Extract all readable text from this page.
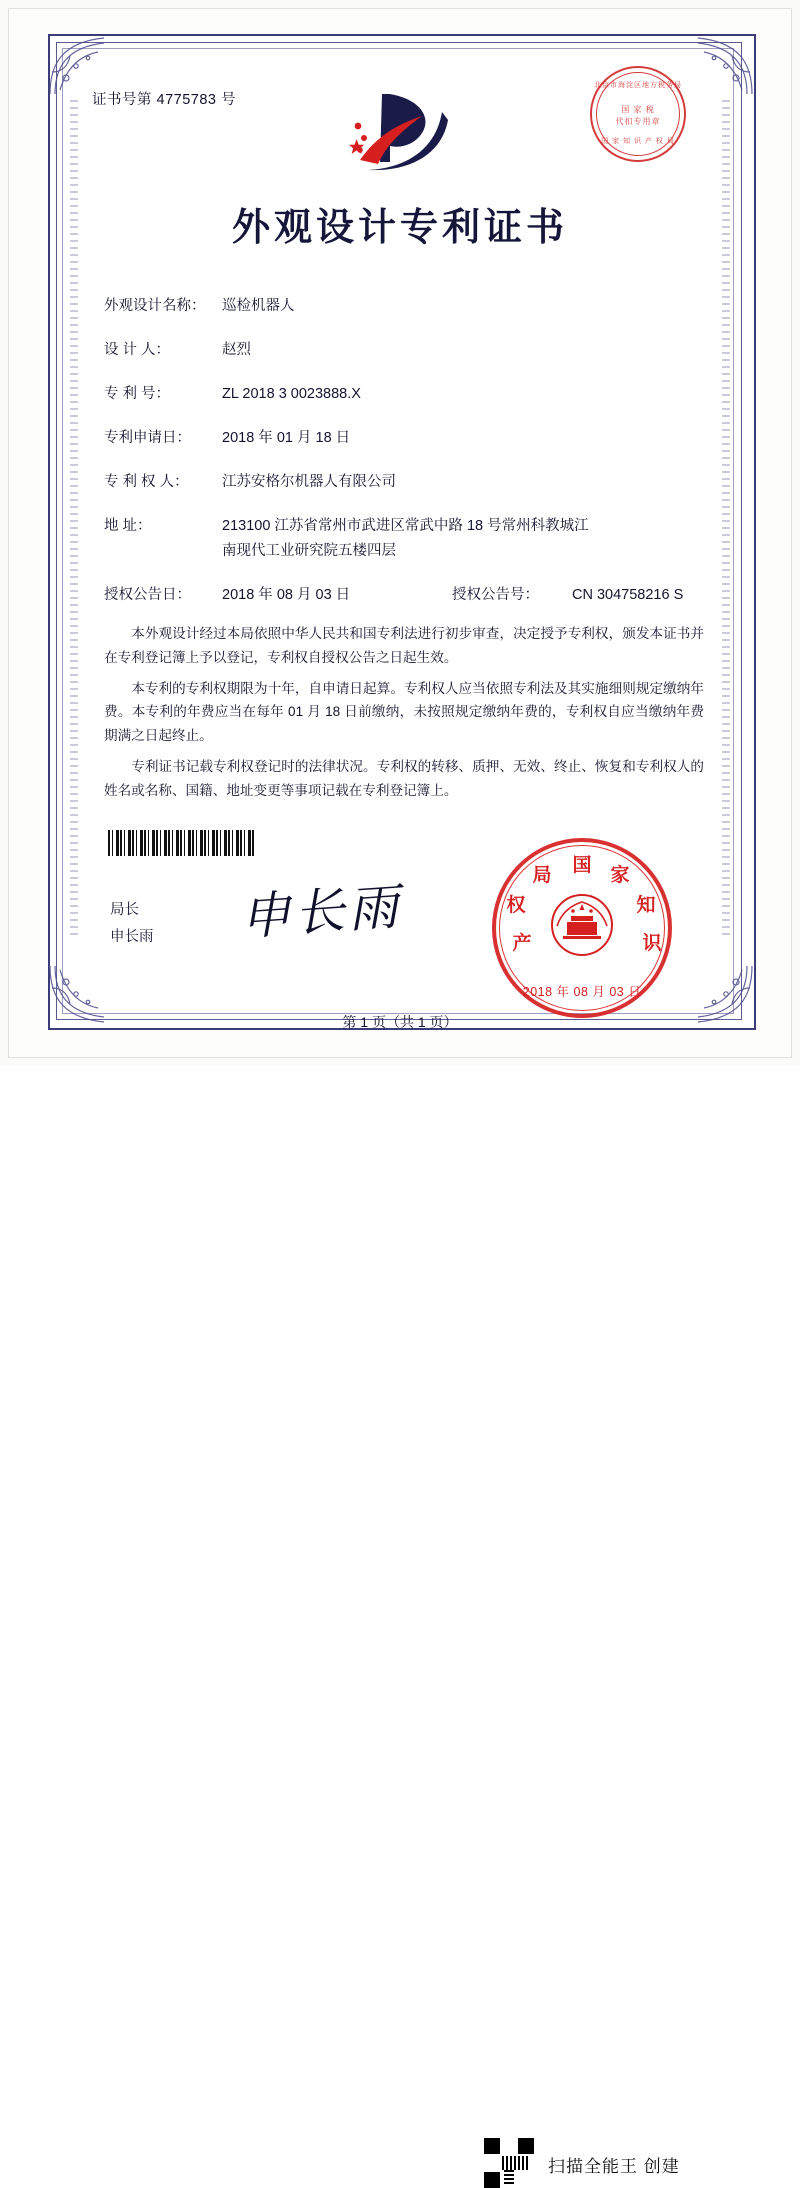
证书号第 4775783 号
北京市海淀区地方税务局
国 家 税
代扣专用章
国 家 知 识 产 权 局
外观设计专利证书
外观设计名称：	巡检机器人
设 计 人：	赵烈
专 利 号：	ZL 2018 3 0023888.X
专利申请日：	2018 年 01 月 18 日
专 利 权 人：	江苏安格尔机器人有限公司
地 址：	213100 江苏省常州市武进区常武中路 18 号常州科教城江
南现代工业研究院五楼四层
授权公告日：	2018 年 08 月 03 日	授权公告号：	CN 304758216 S

本外观设计经过本局依照中华人民共和国专利法进行初步审查，决定授予专利权，颁发本证书并在专利登记簿上予以登记，专利权自授权公告之日起生效。

本专利的专利权期限为十年，自申请日起算。专利权人应当依照专利法及其实施细则规定缴纳年费。本专利的年费应当在每年 01 月 18 日前缴纳，未按照规定缴纳年费的，专利权自应当缴纳年费期满之日起终止。

专利证书记载专利权登记时的法律状况。专利权的转移、质押、无效、终止、恢复和专利权人的姓名或名称、国籍、地址变更等事项记载在专利登记簿上。

局长
申长雨 申长雨
国 家
知
识
产
权
局
2018 年 08 月 03 日
第 1 页（共 1 页）
扫描全能王 创建
